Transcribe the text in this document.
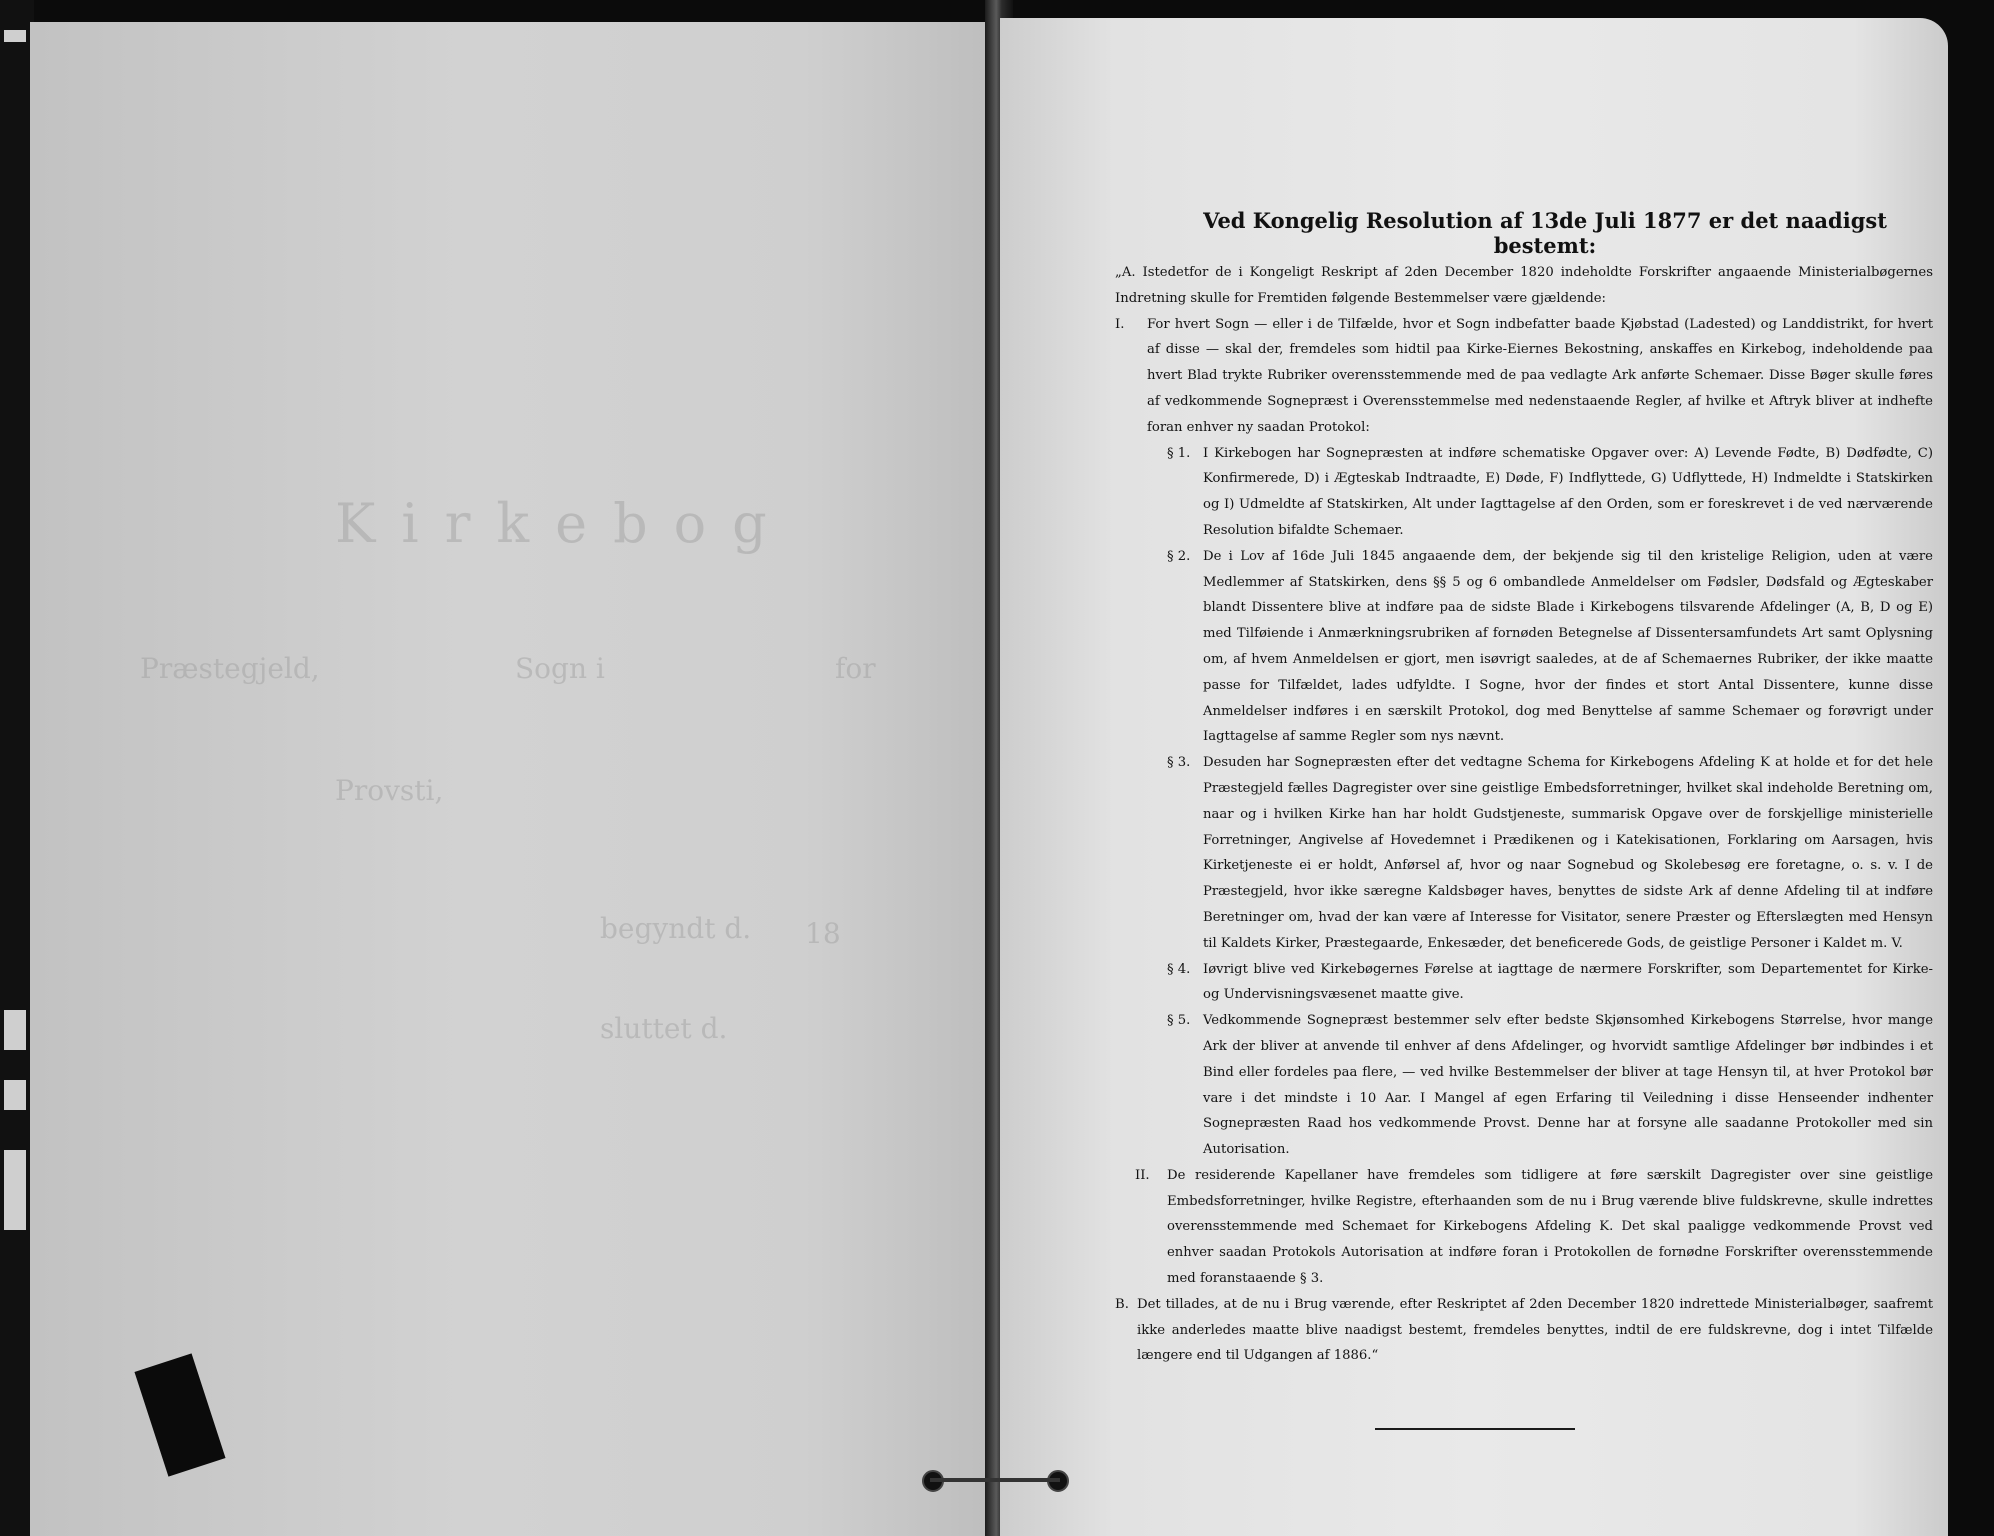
Kirkebog
for
Sogn i
Præstegjeld,
Provsti,
begyndt d. 18
sluttet d.
Ved Kongelig Resolution af 13de Juli 1877 er det naadigst bestemt:

„A. Istedetfor de i Kongeligt Reskript af 2den December 1820 indeholdte Forskrifter angaaende Ministerialbøgernes Indretning skulle for Fremtiden følgende Bestemmelser være gjældende:

I. For hvert Sogn — eller i de Tilfælde, hvor et Sogn indbefatter baade Kjøbstad (Ladested) og Landdistrikt, for hvert af disse — skal der, fremdeles som hidtil paa Kirke-Eiernes Bekostning, anskaffes en Kirkebog, indeholdende paa hvert Blad trykte Rubriker overensstemmende med de paa vedlagte Ark anførte Schemaer. Disse Bøger skulle føres af vedkommende Sognepræst i Overensstemmelse med nedenstaaende Regler, af hvilke et Aftryk bliver at indhefte foran enhver ny saadan Protokol:

§ 1. I Kirkebogen har Sognepræsten at indføre schematiske Opgaver over: A) Levende Fødte, B) Dødfødte, C) Konfirmerede, D) i Ægteskab Indtraadte, E) Døde, F) Indflyttede, G) Udflyttede, H) Indmeldte i Statskirken og I) Udmeldte af Statskirken, Alt under Iagttagelse af den Orden, som er foreskrevet i de ved nærværende Resolution bifaldte Schemaer.

§ 2. De i Lov af 16de Juli 1845 angaaende dem, der bekjende sig til den kristelige Religion, uden at være Medlemmer af Statskirken, dens §§ 5 og 6 ombandlede Anmeldelser om Fødsler, Dødsfald og Ægteskaber blandt Dissentere blive at indføre paa de sidste Blade i Kirkebogens tilsvarende Afdelinger (A, B, D og E) med Tilføiende i Anmærkningsrubriken af fornøden Betegnelse af Dissentersamfundets Art samt Oplysning om, af hvem Anmeldelsen er gjort, men isøvrigt saaledes, at de af Schemaernes Rubriker, der ikke maatte passe for Tilfældet, lades udfyldte. I Sogne, hvor der findes et stort Antal Dissentere, kunne disse Anmeldelser indføres i en særskilt Protokol, dog med Benyttelse af samme Schemaer og forøvrigt under Iagttagelse af samme Regler som nys nævnt.

§ 3. Desuden har Sognepræsten efter det vedtagne Schema for Kirkebogens Afdeling K at holde et for det hele Præstegjeld fælles Dagregister over sine geistlige Embedsforretninger, hvilket skal indeholde Beretning om, naar og i hvilken Kirke han har holdt Gudstjeneste, summarisk Opgave over de forskjellige ministerielle Forretninger, Angivelse af Hovedemnet i Prædikenen og i Katekisationen, Forklaring om Aarsagen, hvis Kirketjeneste ei er holdt, Anførsel af, hvor og naar Sognebud og Skolebesøg ere foretagne, o. s. v. I de Præstegjeld, hvor ikke særegne Kaldsbøger haves, benyttes de sidste Ark af denne Afdeling til at indføre Beretninger om, hvad der kan være af Interesse for Visitator, senere Præster og Efterslægten med Hensyn til Kaldets Kirker, Præstegaarde, Enkesæder, det beneficerede Gods, de geistlige Personer i Kaldet m. V.

§ 4. Iøvrigt blive ved Kirkebøgernes Førelse at iagttage de nærmere Forskrifter, som Departementet for Kirke- og Undervisningsvæsenet maatte give.

§ 5. Vedkommende Sognepræst bestemmer selv efter bedste Skjønsomhed Kirkebogens Størrelse, hvor mange Ark der bliver at anvende til enhver af dens Afdelinger, og hvorvidt samtlige Afdelinger bør indbindes i et Bind eller fordeles paa flere, — ved hvilke Bestemmelser der bliver at tage Hensyn til, at hver Protokol bør vare i det mindste i 10 Aar. I Mangel af egen Erfaring til Veiledning i disse Henseender indhenter Sognepræsten Raad hos vedkommende Provst. Denne har at forsyne alle saadanne Protokoller med sin Autorisation.

II. De residerende Kapellaner have fremdeles som tidligere at føre særskilt Dagregister over sine geistlige Embedsforretninger, hvilke Registre, efterhaanden som de nu i Brug værende blive fuldskrevne, skulle indrettes overensstemmende med Schemaet for Kirkebogens Afdeling K. Det skal paaligge vedkommende Provst ved enhver saadan Protokols Autorisation at indføre foran i Protokollen de fornødne Forskrifter overensstemmende med foranstaaende § 3.

B. Det tillades, at de nu i Brug værende, efter Reskriptet af 2den December 1820 indrettede Ministerialbøger, saafremt ikke anderledes maatte blive naadigst bestemt, fremdeles benyttes, indtil de ere fuldskrevne, dog i intet Tilfælde længere end til Udgangen af 1886.“
